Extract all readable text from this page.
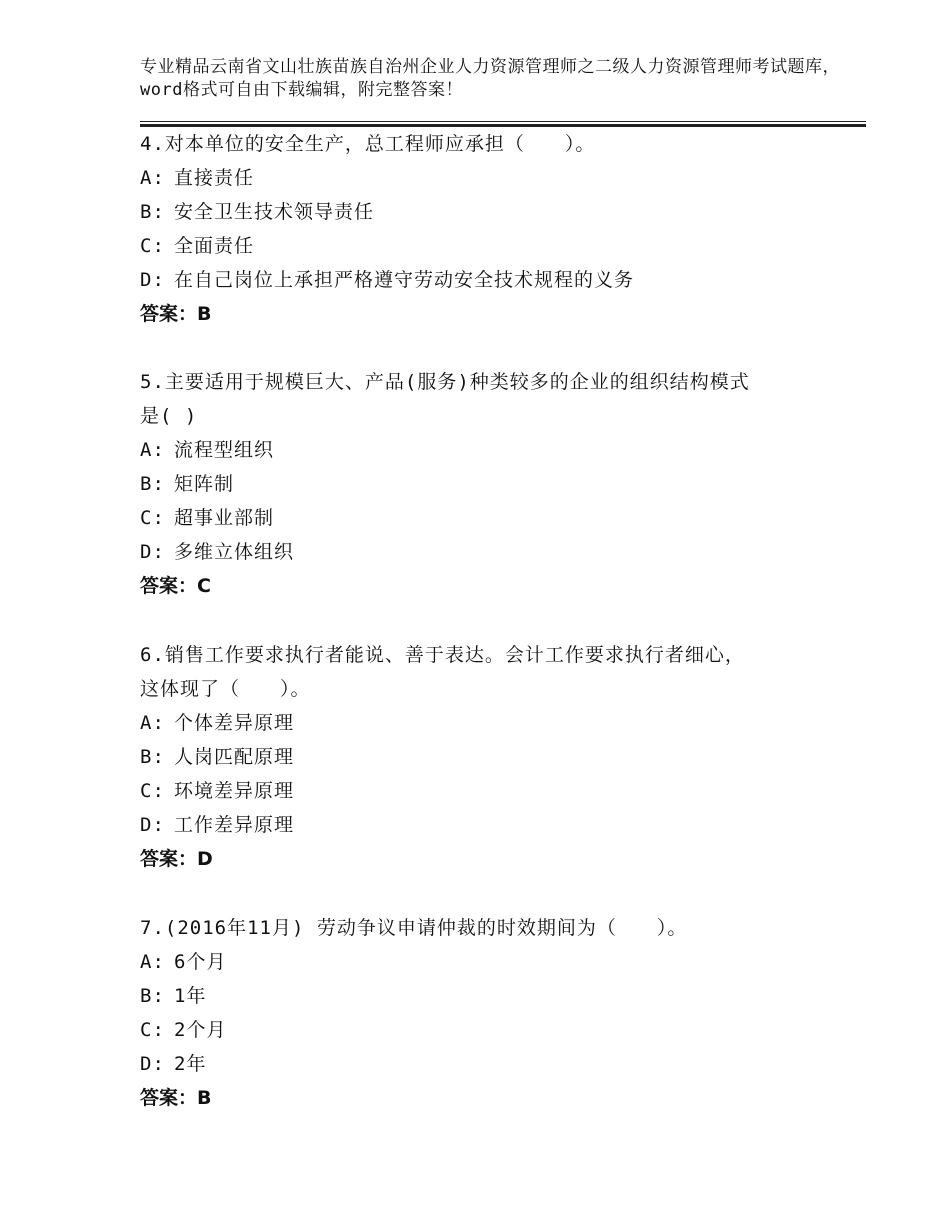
专业精品云南省文山壮族苗族自治州企业人力资源管理师之二级人力资源管理师考试题库，word格式可自由下载编辑，附完整答案！

4.对本单位的安全生产，总工程师应承担（　　）。

A: 直接责任

B: 安全卫生技术领导责任

C: 全面责任

D: 在自己岗位上承担严格遵守劳动安全技术规程的义务

答案：B

5.主要适用于规模巨大、产品(服务)种类较多的企业的组织结构模式

是( )

A: 流程型组织

B: 矩阵制

C: 超事业部制

D: 多维立体组织

答案：C

6.销售工作要求执行者能说、善于表达。会计工作要求执行者细心，

这体现了（　　）。

A: 个体差异原理

B: 人岗匹配原理

C: 环境差异原理

D: 工作差异原理

答案：D

7.(2016年11月) 劳动争议申请仲裁的时效期间为（　　）。

A: 6个月

B: 1年

C: 2个月

D: 2年

答案：B
